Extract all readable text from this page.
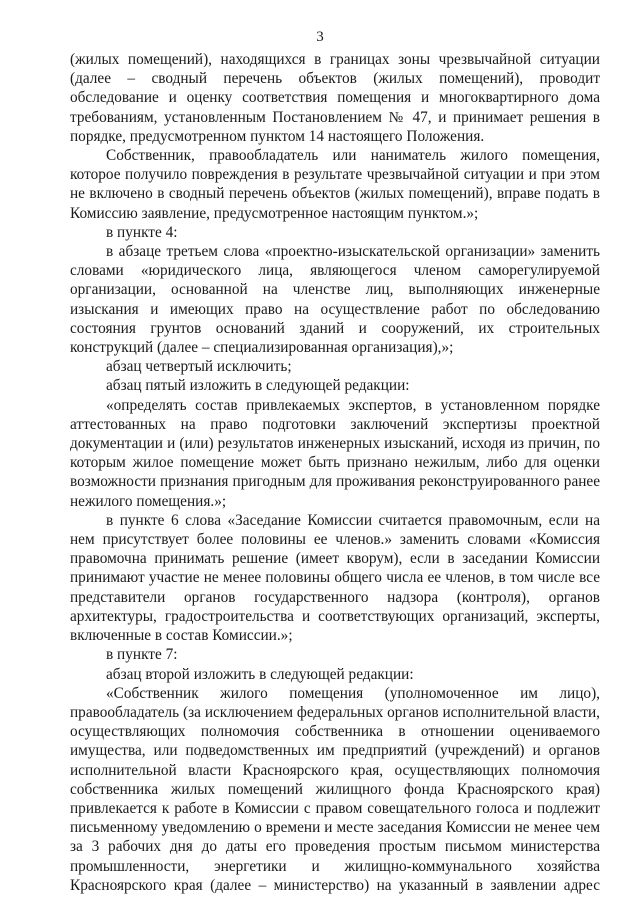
3

(жилых помещений), находящихся в границах зоны чрезвычайной ситуации (далее – сводный перечень объектов (жилых помещений), проводит обследование и оценку соответствия помещения и многоквартирного дома требованиям, установленным Постановлением № 47, и принимает решения в порядке, предусмотренном пунктом 14 настоящего Положения.

Собственник, правообладатель или наниматель жилого помещения, которое получило повреждения в результате чрезвычайной ситуации и при этом не включено в сводный перечень объектов (жилых помещений), вправе подать в Комиссию заявление, предусмотренное настоящим пунктом.»;

в пункте 4:

в абзаце третьем слова «проектно-изыскательской организации» заменить словами «юридического лица, являющегося членом саморегулируемой организации, основанной на членстве лиц, выполняющих инженерные изыскания и имеющих право на осуществление работ по обследованию состояния грунтов оснований зданий и сооружений, их строительных конструкций (далее – специализированная организация),»;

абзац четвертый исключить;

абзац пятый изложить в следующей редакции:

«определять состав привлекаемых экспертов, в установленном порядке аттестованных на право подготовки заключений экспертизы проектной документации и (или) результатов инженерных изысканий, исходя из причин, по которым жилое помещение может быть признано нежилым, либо для оценки возможности признания пригодным для проживания реконструированного ранее нежилого помещения.»;

в пункте 6 слова «Заседание Комиссии считается правомочным, если на нем присутствует более половины ее членов.» заменить словами «Комиссия правомочна принимать решение (имеет кворум), если в заседании Комиссии принимают участие не менее половины общего числа ее членов, в том числе все представители органов государственного надзора (контроля), органов архитектуры, градостроительства и соответствующих организаций, эксперты, включенные в состав Комиссии.»;

в пункте 7:

абзац второй изложить в следующей редакции:

«Собственник жилого помещения (уполномоченное им лицо), правообладатель (за исключением федеральных органов исполнительной власти, осуществляющих полномочия собственника в отношении оцениваемого имущества, или подведомственных им предприятий (учреждений) и органов исполнительной власти Красноярского края, осуществляющих полномочия собственника жилых помещений жилищного фонда Красноярского края) привлекается к работе в Комиссии с правом совещательного голоса и подлежит письменному уведомлению о времени и месте заседания Комиссии не менее чем за 3 рабочих дня до даты его проведения простым письмом министерства промышленности, энергетики и жилищно-коммунального хозяйства Красноярского края (далее – министерство) на указанный в заявлении адрес
